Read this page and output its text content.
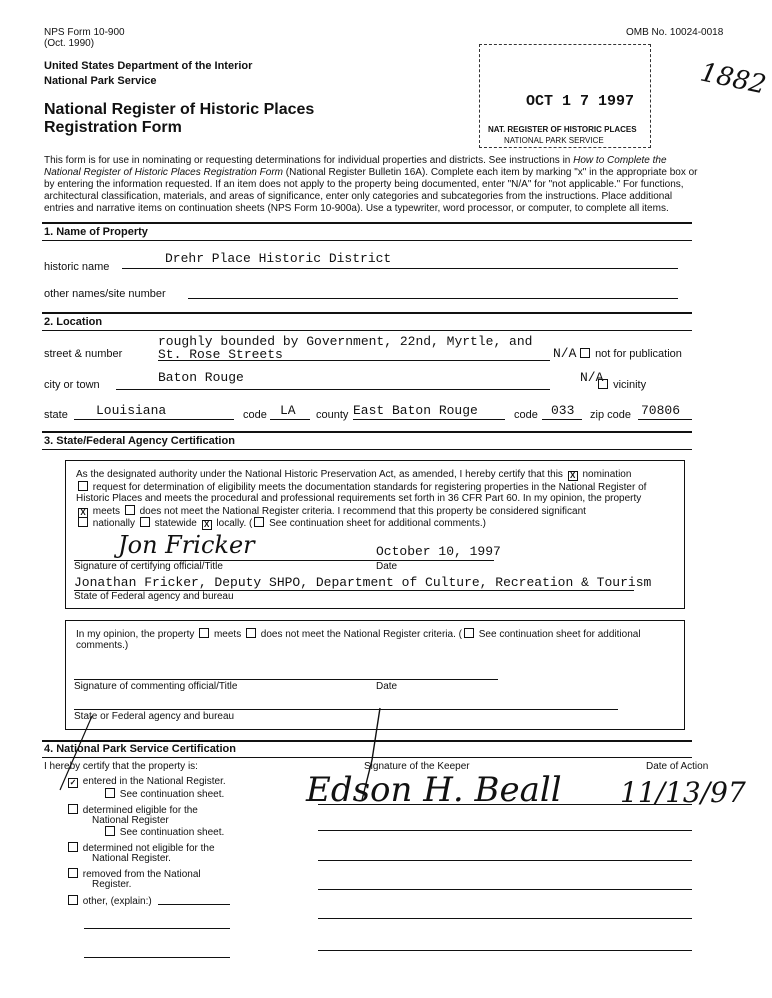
NPS Form 10-900
(Oct. 1990)
OMB No. 10024-0018
United States Department of the Interior
National Park Service
National Register of Historic Places
Registration Form
1882
OCT 1 7 1997
NAT. REGISTER OF HISTORIC PLACES
NATIONAL PARK SERVICE
This form is for use in nominating or requesting determinations for individual properties and districts. See instructions in How to Complete the
National Register of Historic Places Registration Form (National Register Bulletin 16A). Complete each item by marking "x" in the appropriate box or
by entering the information requested. If an item does not apply to the property being documented, enter "N/A" for "not applicable." For functions,
architectural classification, materials, and areas of significance, enter only categories and subcategories from the instructions. Place additional
entries and narrative items on continuation sheets (NPS Form 10-900a). Use a typewriter, word processor, or computer, to complete all items.
1. Name of Property
historic name
Drehr Place Historic District
other names/site number
2. Location
street & number
roughly bounded by Government, 22nd, Myrtle, and
St. Rose Streets	N/A	not for publication
city or town	Baton Rouge	N/A vicinity
state Louisiana	code LA county East Baton Rouge	code 033 zip code 70806
3. State/Federal Agency Certification
As the designated authority under the National Historic Preservation Act, as amended, I hereby certify that this X nomination
request for determination of eligibility meets the documentation standards for registering properties in the National Register of
Historic Places and meets the procedural and professional requirements set forth in 36 CFR Part 60. In my opinion, the property
X meets does not meet the National Register criteria. I recommend that this property be considered significant
nationally statewide X locally. ( See continuation sheet for additional comments.)
Jon Fricker	October 10, 1997
Signature of certifying official/Title	Date
Jonathan Fricker, Deputy SHPO, Department of Culture, Recreation & Tourism
State of Federal agency and bureau
In my opinion, the property meets does not meet the National Register criteria. ( See continuation sheet for additional
comments.)
Signature of commenting official/Title	Date
State or Federal agency and bureau
4. National Park Service Certification
I hereby certify that the property is:	Signature of the Keeper	Date of Action
✓ entered in the National Register.
See continuation sheet.
determined eligible for the
National Register
See continuation sheet.
determined not eligible for the
National Register.
removed from the National
Register.
other, (explain:)
Edson H. Beall 11/13/97
